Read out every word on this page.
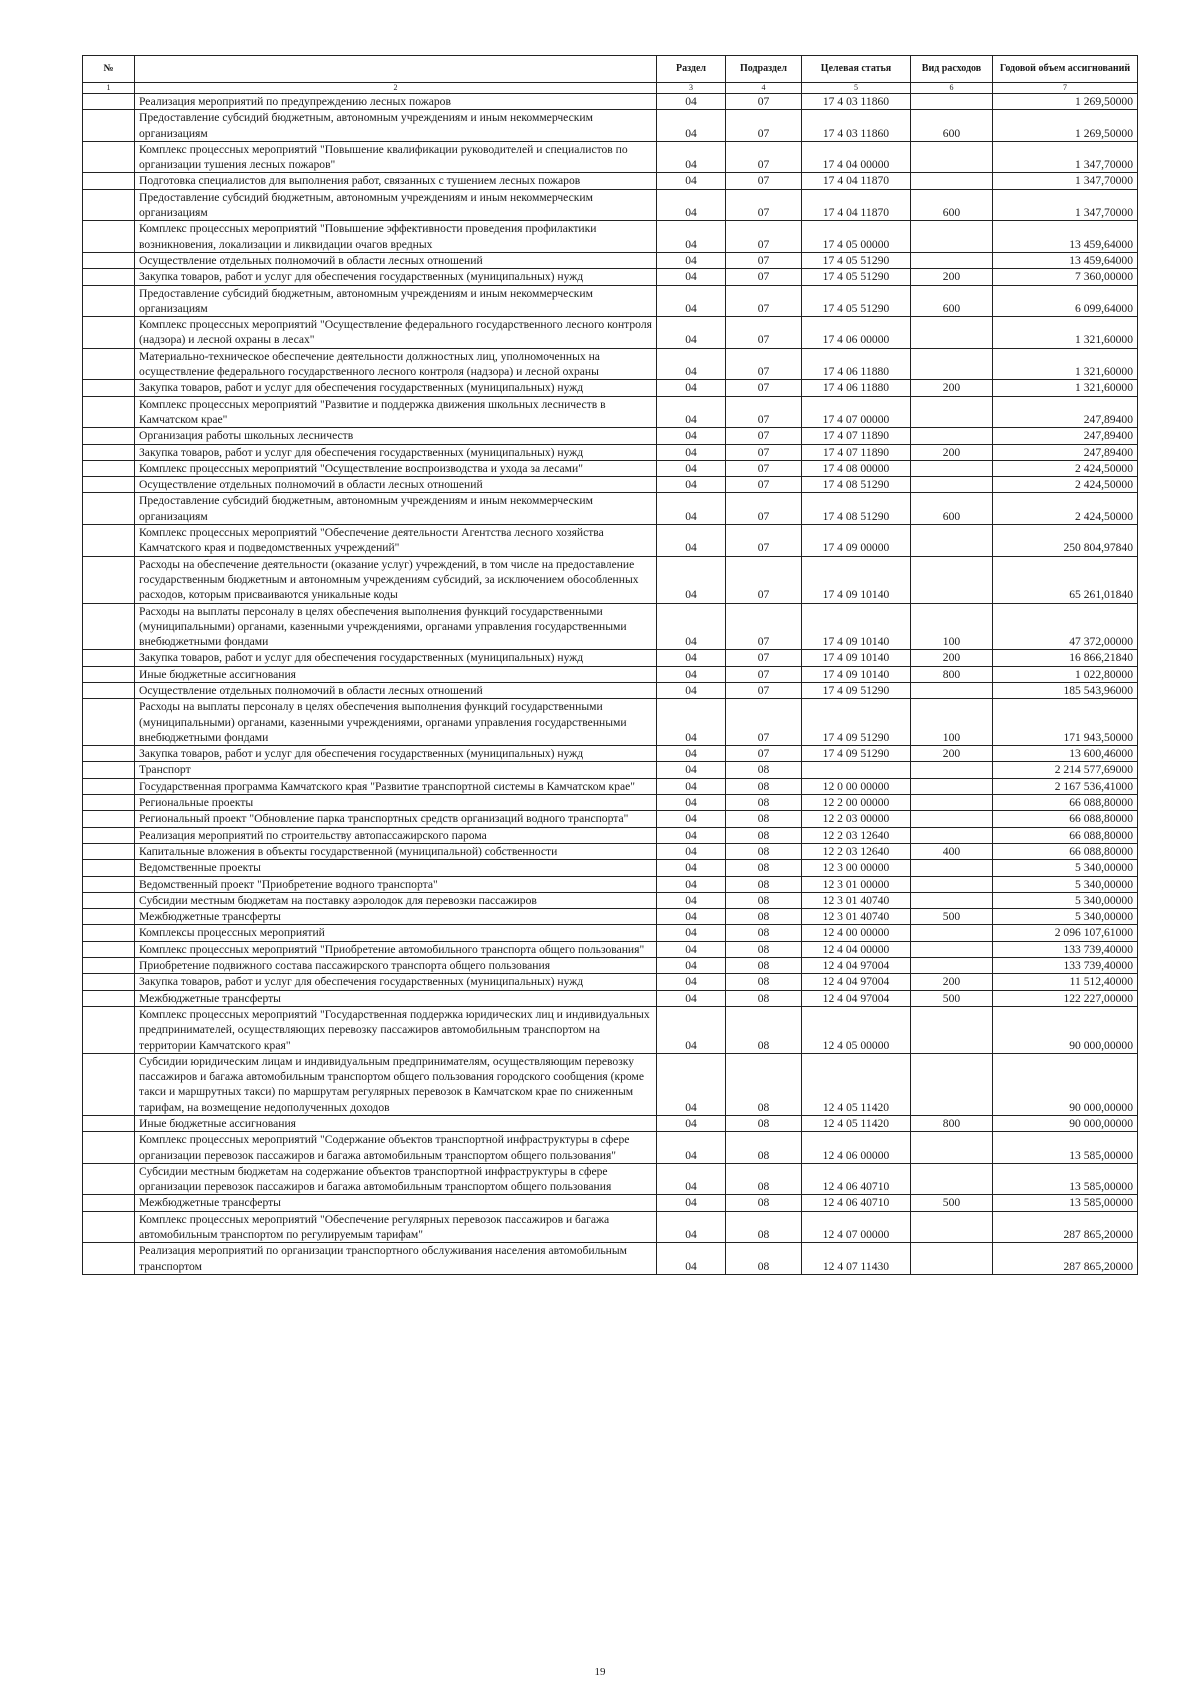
№		Раздел	Подраздел	Целевая статья	Вид расходов	Годовой объем ассигнований
1	2	3	4	5	6	7
	Реализация мероприятий по предупреждению лесных пожаров	04	07	17 4 03 11860		1 269,50000
	Предоставление субсидий бюджетным, автономным учреждениям и иным некоммерческим организациям	04	07	17 4 03 11860	600	1 269,50000
	Комплекс процессных мероприятий "Повышение квалификации руководителей и специалистов по организации тушения лесных пожаров"	04	07	17 4 04 00000		1 347,70000
	Подготовка специалистов для выполнения работ, связанных с тушением лесных пожаров	04	07	17 4 04 11870		1 347,70000
	Предоставление субсидий бюджетным, автономным учреждениям и иным некоммерческим организациям	04	07	17 4 04 11870	600	1 347,70000
	Комплекс процессных мероприятий "Повышение эффективности проведения профилактики возникновения, локализации и ликвидации очагов вредных	04	07	17 4 05 00000		13 459,64000
	Осуществление отдельных полномочий в области лесных отношений	04	07	17 4 05 51290		13 459,64000
	Закупка товаров, работ и услуг для обеспечения государственных (муниципальных) нужд	04	07	17 4 05 51290	200	7 360,00000
	Предоставление субсидий бюджетным, автономным учреждениям и иным некоммерческим организациям	04	07	17 4 05 51290	600	6 099,64000
	Комплекс процессных мероприятий "Осуществление федерального государственного лесного контроля (надзора) и лесной охраны в лесах"	04	07	17 4 06 00000		1 321,60000
	Материально-техническое обеспечение деятельности должностных лиц, уполномоченных на осуществление федерального государственного лесного контроля (надзора) и лесной охраны	04	07	17 4 06 11880		1 321,60000
	Закупка товаров, работ и услуг для обеспечения государственных (муниципальных) нужд	04	07	17 4 06 11880	200	1 321,60000
	Комплекс процессных мероприятий "Развитие и поддержка движения школьных лесничеств в Камчатском крае"	04	07	17 4 07 00000		247,89400
	Организация работы школьных лесничеств	04	07	17 4 07 11890		247,89400
	Закупка товаров, работ и услуг для обеспечения государственных (муниципальных) нужд	04	07	17 4 07 11890	200	247,89400
	Комплекс процессных мероприятий "Осуществление воспроизводства и ухода за лесами"	04	07	17 4 08 00000		2 424,50000
	Осуществление отдельных полномочий в области лесных отношений	04	07	17 4 08 51290		2 424,50000
	Предоставление субсидий бюджетным, автономным учреждениям и иным некоммерческим организациям	04	07	17 4 08 51290	600	2 424,50000
	Комплекс процессных мероприятий "Обеспечение деятельности Агентства лесного хозяйства Камчатского края и подведомственных учреждений"	04	07	17 4 09 00000		250 804,97840
	Расходы на обеспечение деятельности (оказание услуг) учреждений, в том числе на предоставление государственным бюджетным и автономным учреждениям субсидий, за исключением обособленных расходов, которым присваиваются уникальные коды	04	07	17 4 09 10140		65 261,01840
	Расходы на выплаты персоналу в целях обеспечения выполнения функций государственными (муниципальными) органами, казенными учреждениями, органами управления государственными внебюджетными фондами	04	07	17 4 09 10140	100	47 372,00000
	Закупка товаров, работ и услуг для обеспечения государственных (муниципальных) нужд	04	07	17 4 09 10140	200	16 866,21840
	Иные бюджетные ассигнования	04	07	17 4 09 10140	800	1 022,80000
	Осуществление отдельных полномочий в области лесных отношений	04	07	17 4 09 51290		185 543,96000
	Расходы на выплаты персоналу в целях обеспечения выполнения функций государственными (муниципальными) органами, казенными учреждениями, органами управления государственными внебюджетными фондами	04	07	17 4 09 51290	100	171 943,50000
	Закупка товаров, работ и услуг для обеспечения государственных (муниципальных) нужд	04	07	17 4 09 51290	200	13 600,46000
	Транспорт	04	08			2 214 577,69000
	Государственная программа Камчатского края "Развитие транспортной системы в Камчатском крае"	04	08	12 0 00 00000		2 167 536,41000
	Региональные проекты	04	08	12 2 00 00000		66 088,80000
	Региональный проект "Обновление парка транспортных средств организаций водного транспорта"	04	08	12 2 03 00000		66 088,80000
	Реализация мероприятий по строительству автопассажирского парома	04	08	12 2 03 12640		66 088,80000
	Капитальные вложения в объекты государственной (муниципальной) собственности	04	08	12 2 03 12640	400	66 088,80000
	Ведомственные проекты	04	08	12 3 00 00000		5 340,00000
	Ведомственный проект "Приобретение водного транспорта"	04	08	12 3 01 00000		5 340,00000
	Субсидии местным бюджетам на поставку аэролодок для перевозки пассажиров	04	08	12 3 01 40740		5 340,00000
	Межбюджетные трансферты	04	08	12 3 01 40740	500	5 340,00000
	Комплексы процессных мероприятий	04	08	12 4 00 00000		2 096 107,61000
	Комплекс процессных мероприятий "Приобретение автомобильного транспорта общего пользования"	04	08	12 4 04 00000		133 739,40000
	Приобретение подвижного состава пассажирского транспорта общего пользования	04	08	12 4 04 97004		133 739,40000
	Закупка товаров, работ и услуг для обеспечения государственных (муниципальных) нужд	04	08	12 4 04 97004	200	11 512,40000
	Межбюджетные трансферты	04	08	12 4 04 97004	500	122 227,00000
	Комплекс процессных мероприятий "Государственная поддержка юридических лиц и индивидуальных предпринимателей, осуществляющих перевозку пассажиров автомобильным транспортом на территории Камчатского края"	04	08	12 4 05 00000		90 000,00000
	Субсидии юридическим лицам и индивидуальным предпринимателям, осуществляющим перевозку пассажиров и багажа автомобильным транспортом общего пользования городского сообщения (кроме такси и маршрутных такси) по маршрутам регулярных перевозок в Камчатском крае по сниженным тарифам, на возмещение недополученных доходов	04	08	12 4 05 11420		90 000,00000
	Иные бюджетные ассигнования	04	08	12 4 05 11420	800	90 000,00000
	Комплекс процессных мероприятий "Содержание объектов транспортной инфраструктуры в сфере организации перевозок пассажиров и багажа автомобильным транспортом общего пользования"	04	08	12 4 06 00000		13 585,00000
	Субсидии местным бюджетам на содержание объектов транспортной инфраструктуры в сфере организации перевозок пассажиров и багажа автомобильным транспортом общего пользования	04	08	12 4 06 40710		13 585,00000
	Межбюджетные трансферты	04	08	12 4 06 40710	500	13 585,00000
	Комплекс процессных мероприятий "Обеспечение регулярных перевозок пассажиров и багажа автомобильным транспортом по регулируемым тарифам"	04	08	12 4 07 00000		287 865,20000
	Реализация мероприятий по организации транспортного обслуживания населения автомобильным транспортом	04	08	12 4 07 11430		287 865,20000
19
